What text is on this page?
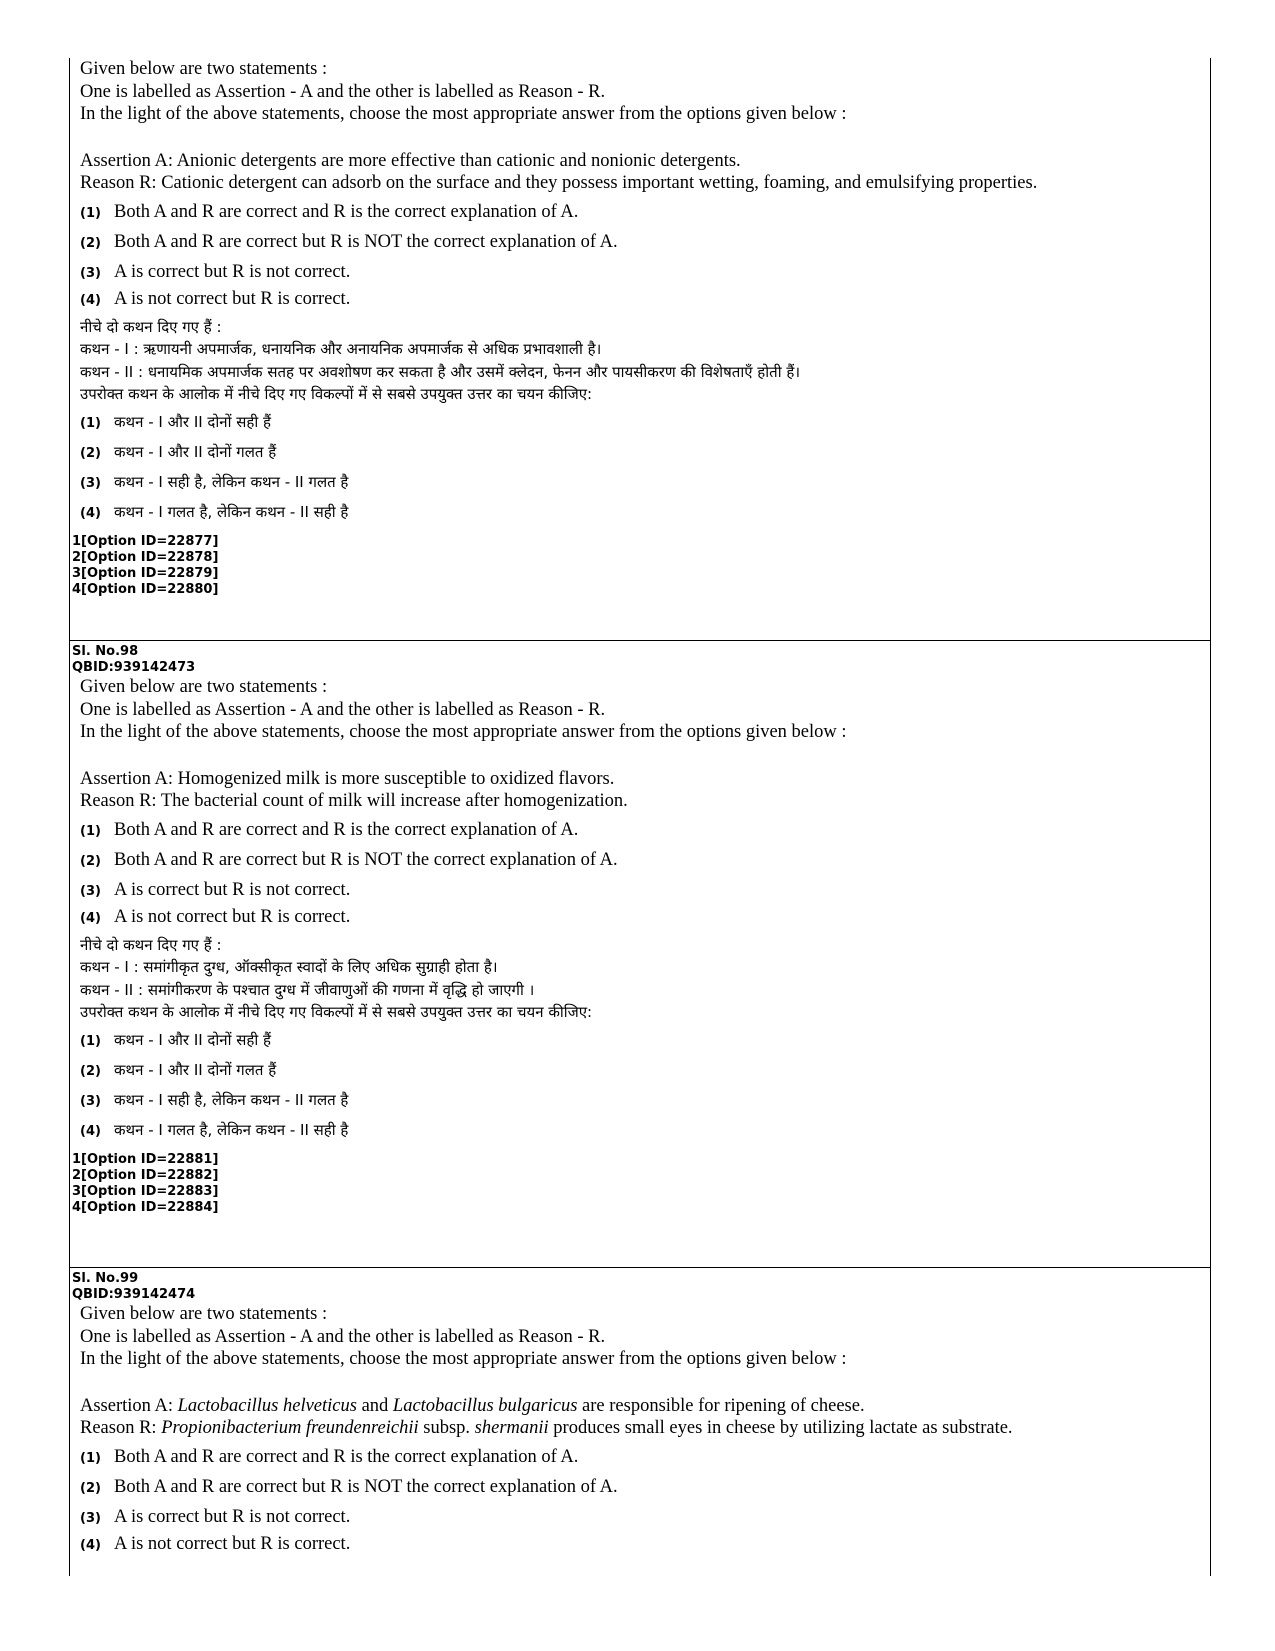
Given below are two statements :
One is labelled as Assertion - A and the other is labelled as Reason - R.
In the light of the above statements, choose the most appropriate answer from the options given below :
Assertion A: Anionic detergents are more effective than cationic and nonionic detergents.
Reason R: Cationic detergent can adsorb on the surface and they possess important wetting, foaming, and emulsifying properties.
(1) Both A and R are correct and R is the correct explanation of A.
(2) Both A and R are correct but R is NOT the correct explanation of A.
(3) A is correct but R is not correct.
(4) A is not correct but R is correct.
नीचे दो कथन दिए गए हैं :
कथन - I : ऋणायनी अपमार्जक, धनायनिक और अनायनिक अपमार्जक से अधिक प्रभावशाली है।
कथन - II : धनायमिक अपमार्जक सतह पर अवशोषण कर सकता है और उसमें क्लेदन, फेनन और पायसीकरण की विशेषताएँ होती हैं।
उपरोक्त कथन के आलोक में नीचे दिए गए विकल्पों में से सबसे उपयुक्त उत्तर का चयन कीजिए:
(1) कथन - I और II दोनों सही हैं
(2) कथन - I और II दोनों गलत हैं
(3) कथन - I सही है, लेकिन कथन - II गलत है
(4) कथन - I गलत है, लेकिन कथन - II सही है
1[Option ID=22877]
2[Option ID=22878]
3[Option ID=22879]
4[Option ID=22880]
Sl. No.98
QBID:939142473
Given below are two statements :
One is labelled as Assertion - A and the other is labelled as Reason - R.
In the light of the above statements, choose the most appropriate answer from the options given below :
Assertion A: Homogenized milk is more susceptible to oxidized flavors.
Reason R: The bacterial count of milk will increase after homogenization.
(1) Both A and R are correct and R is the correct explanation of A.
(2) Both A and R are correct but R is NOT the correct explanation of A.
(3) A is correct but R is not correct.
(4) A is not correct but R is correct.
नीचे दो कथन दिए गए हैं :
कथन - I : समांगीकृत दुग्ध, ऑक्सीकृत स्वादों के लिए अधिक सुग्राही होता है।
कथन - II : समांगीकरण के पश्चात दुग्ध में जीवाणुओं की गणना में वृद्धि हो जाएगी ।
उपरोक्त कथन के आलोक में नीचे दिए गए विकल्पों में से सबसे उपयुक्त उत्तर का चयन कीजिए:
(1) कथन - I और II दोनों सही हैं
(2) कथन - I और II दोनों गलत हैं
(3) कथन - I सही है, लेकिन कथन - II गलत है
(4) कथन - I गलत है, लेकिन कथन - II सही है
1[Option ID=22881]
2[Option ID=22882]
3[Option ID=22883]
4[Option ID=22884]
Sl. No.99
QBID:939142474
Given below are two statements :
One is labelled as Assertion - A and the other is labelled as Reason - R.
In the light of the above statements, choose the most appropriate answer from the options given below :
Assertion A: Lactobacillus helveticus and Lactobacillus bulgaricus are responsible for ripening of cheese.
Reason R: Propionibacterium freundenreichii subsp. shermanii produces small eyes in cheese by utilizing lactate as substrate.
(1) Both A and R are correct and R is the correct explanation of A.
(2) Both A and R are correct but R is NOT the correct explanation of A.
(3) A is correct but R is not correct.
(4) A is not correct but R is correct.
